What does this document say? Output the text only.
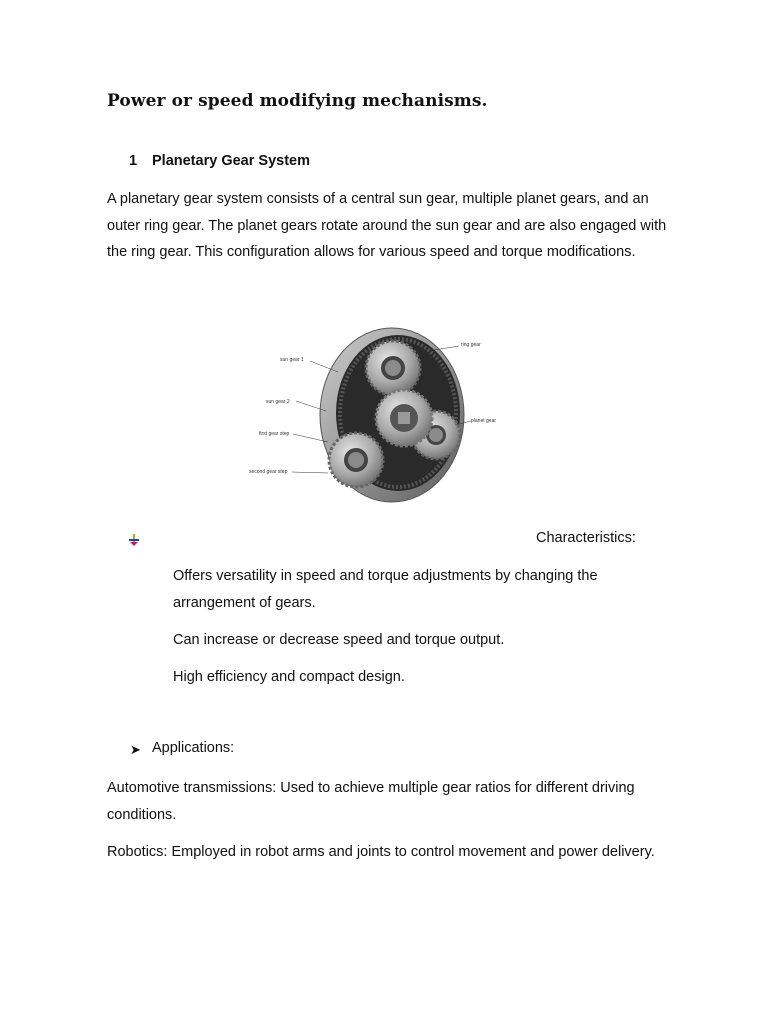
Power or speed modifying mechanisms.
1 Planetary Gear System
A planetary gear system consists of a central sun gear, multiple planet gears, and an outer ring gear. The planet gears rotate around the sun gear and are also engaged with the ring gear. This configuration allows for various speed and torque modifications.
ring gear
sun gear 1
sun gear 2
planet gear
first gear step
second gear step
Characteristics:
Offers versatility in speed and torque adjustments by changing the arrangement of gears.
Can increase or decrease speed and torque output.
High efficiency and compact design.
➤ Applications:
Automotive transmissions: Used to achieve multiple gear ratios for different driving conditions.
Robotics: Employed in robot arms and joints to control movement and power delivery.
